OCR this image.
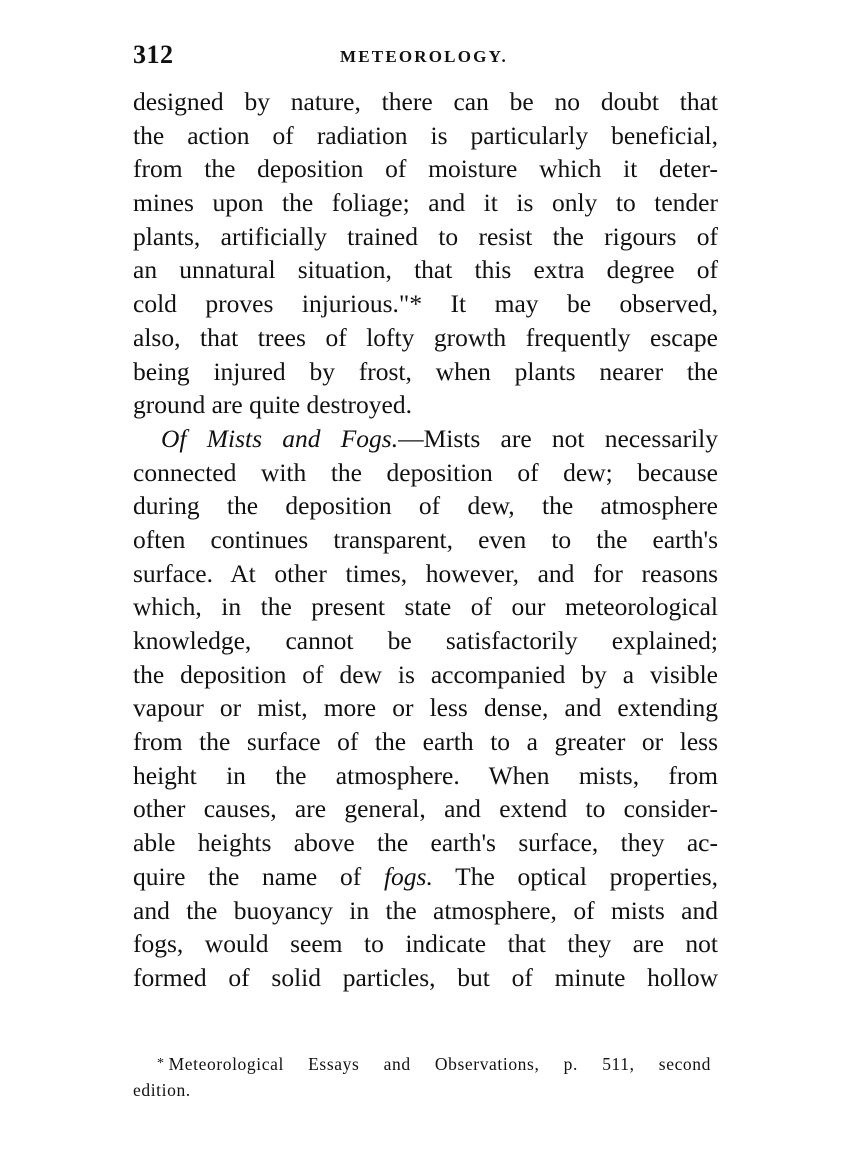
312	METEOROLOGY.
designed by nature, there can be no doubt that
the action of radiation is particularly beneficial,
from the deposition of moisture which it deter-
mines upon the foliage; and it is only to tender
plants, artificially trained to resist the rigours of
an unnatural situation, that this extra degree of
cold proves injurious."* It may be observed,
also, that trees of lofty growth frequently escape
being injured by frost, when plants nearer the
ground are quite destroyed.
Of Mists and Fogs.—Mists are not necessarily
connected with the deposition of dew; because
during the deposition of dew, the atmosphere
often continues transparent, even to the earth's
surface. At other times, however, and for reasons
which, in the present state of our meteorological
knowledge, cannot be satisfactorily explained;
the deposition of dew is accompanied by a visible
vapour or mist, more or less dense, and extending
from the surface of the earth to a greater or less
height in the atmosphere. When mists, from
other causes, are general, and extend to consider-
able heights above the earth's surface, they ac-
quire the name of fogs. The optical properties,
and the buoyancy in the atmosphere, of mists and
fogs, would seem to indicate that they are not
formed of solid particles, but of minute hollow
* Meteorological Essays and Observations, p. 511, second
edition.
